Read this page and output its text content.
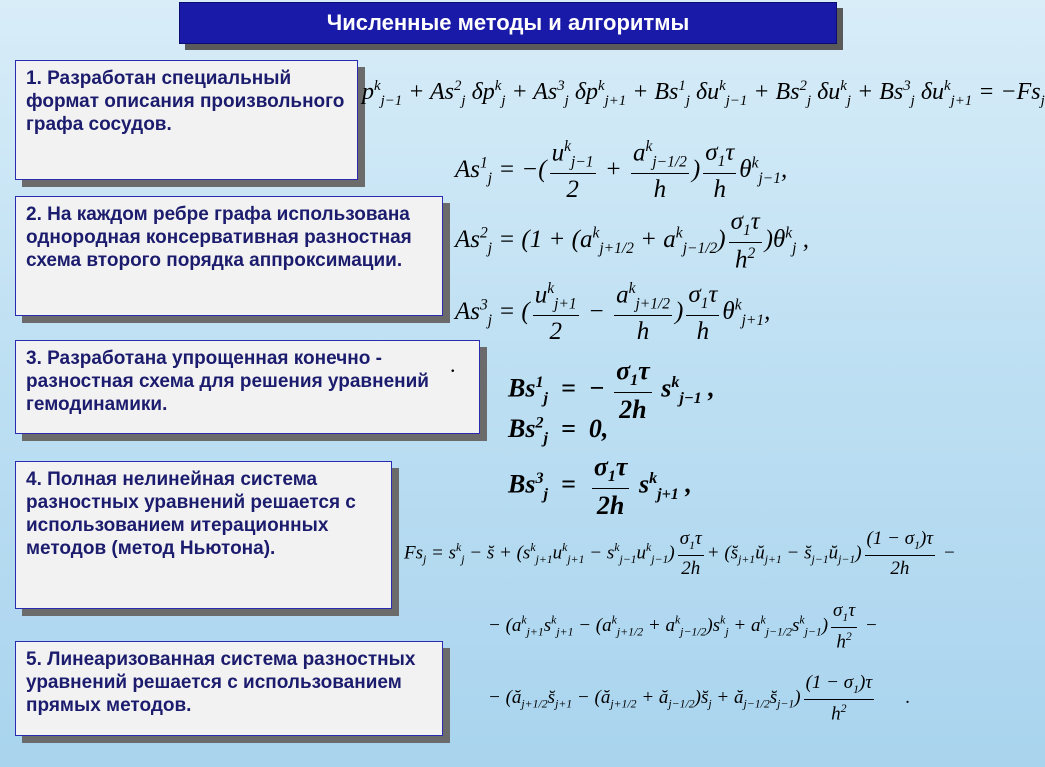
Численные методы и алгоритмы
1. Разработан специальный формат описания произвольного графа сосудов.
2. На каждом ребре графа использована однородная консервативная разностная схема второго порядка аппроксимации.
3. Разработана упрощенная конечно - разностная схема для решения уравнений гемодинамики.
4. Полная нелинейная система разностных уравнений решается с использованием итерационных методов (метод Ньютона).
5. Линеаризованная система разностных уравнений решается с использованием прямых методов.
$p^k_{j-1} + As^2_j$ $\delta p^k_j + As^3_j$ $\delta p^k_{j+1} + Bs^1_j$ $\delta u^k_{j-1} + Bs^2_j$ $\delta u^k_j + Bs^3_j$ $\delta u^k_{j+1} = -Fs_j$
$As^1_j$ = −( $\frac{u^k_{j-1}}{2} + \frac{a^k_{j-1/2}}{h}$ ) $\frac{\sigma_1\tau}{h} \theta^k_{j-1}$,
$As^2_j = (1 + (a^k_{j+1/2} + a^k_{j-1/2}) \frac{\sigma_1\tau}{h^2} )\theta^k_j$ ,
$As^3_j$ = ( $\frac{u^k_{j+1}}{2} - \frac{a^k_{j+1/2}}{h}$ ) $\frac{\sigma_1\tau}{h} \theta^k_{j+1}$,
.
$Bs^1_j$  =  − $\frac{\sigma_1\tau}{2h} s^k_{j-1}$ ,
$Bs^2_j = 0$,
$Bs^3_j = \frac{\sigma_1\tau}{2h} s^k_{j+1}$ ,
$Fs_j = s^k_j$ − s̆ + $(s^k_{j+1}u^k_{j+1} - s^k_{j-1}u^k_{j-1}) \frac{\sigma_1\tau}{2h}$ + ($s̆_{j+1}ŭ_{j+1}$ − $s̆_{j-1}ŭ_{j-1}) \frac{(1 - \sigma_1)\tau}{2h}$ −
− $(a^k_{j+1}s^k_{j+1} - (a^k_{j+1/2} + a^k_{j-1/2})s^k_j + a^k_{j-1/2}s^k_{j-1}) \frac{\sigma_1\tau}{h^2}$ −
− ($ă_{j+1/2}s̆_{j+1}$ − ($ă_{j+1/2}$ + $ă_{j-1/2})s̆_j$ + $ă_{j-1/2}s̆_{j-1}) \frac{(1 - \sigma_1)\tau}{h^2}$ .
